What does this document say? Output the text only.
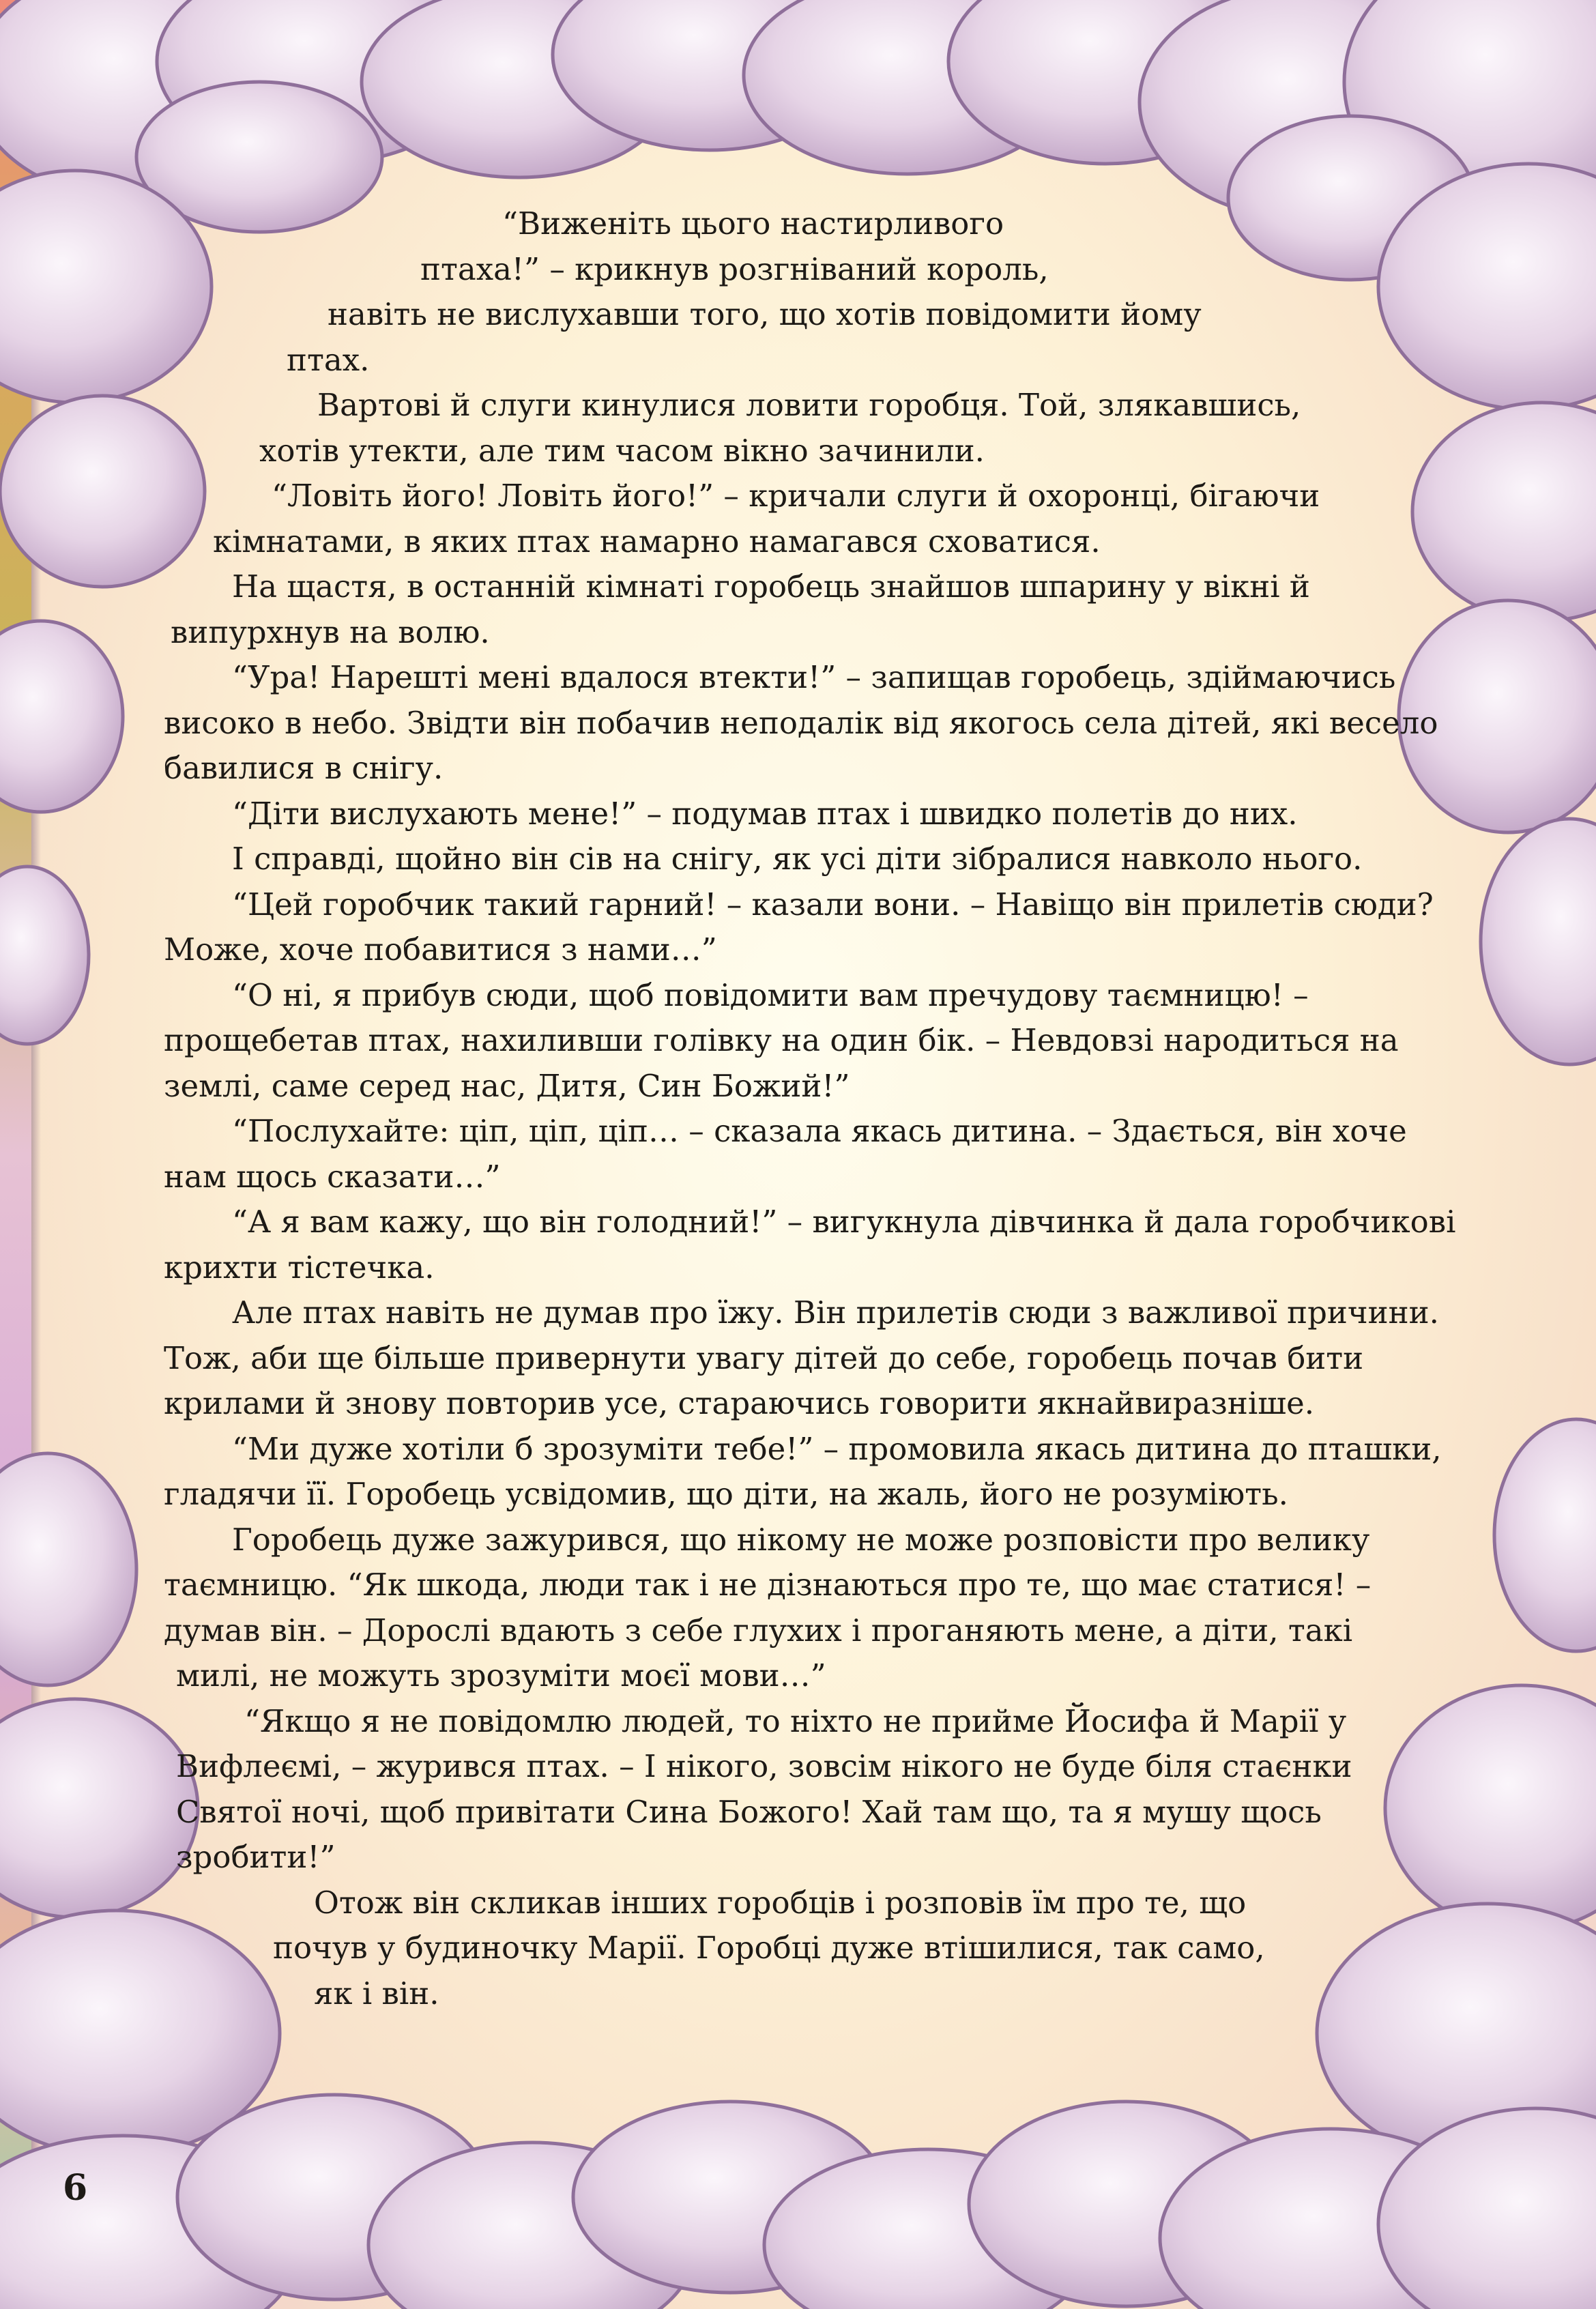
“Виженіть цього настирливого
птаха!” – крикнув розгніваний король,
навіть не вислухавши того, що хотів повідомити йому
птах.
Вартові й слуги кинулися ловити горобця. Той, злякавшись,
хотів утекти, але тим часом вікно зачинили.
“Ловіть його! Ловіть його!” – кричали слуги й охоронці, бігаючи
кімнатами, в яких птах намарно намагався сховатися.
На щастя, в останній кімнаті горобець знайшов шпарину у вікні й
випурхнув на волю.
“Ура! Нарешті мені вдалося втекти!” – запищав горобець, здіймаючись
високо в небо. Звідти він побачив неподалік від якогось села дітей, які весело
бавилися в снігу.
“Діти вислухають мене!” – подумав птах і швидко полетів до них.
І справді, щойно він сів на снігу, як усі діти зібралися навколо нього.
“Цей горобчик такий гарний! – казали вони. – Навіщо він прилетів сюди?
Може, хоче побавитися з нами…”
“О ні, я прибув сюди, щоб повідомити вам пречудову таємницю! –
прощебетав птах, нахиливши голівку на один бік. – Невдовзі народиться на
землі, саме серед нас, Дитя, Син Божий!”
“Послухайте: ціп, ціп, ціп… – сказала якась дитина. – Здається, він хоче
нам щось сказати…”
“А я вам кажу, що він голодний!” – вигукнула дівчинка й дала горобчикові
крихти тістечка.
Але птах навіть не думав про їжу. Він прилетів сюди з важливої причини.
Тож, аби ще більше привернути увагу дітей до себе, горобець почав бити
крилами й знову повторив усе, стараючись говорити якнайвиразніше.
“Ми дуже хотіли б зрозуміти тебе!” – промовила якась дитина до пташки,
гладячи її. Горобець усвідомив, що діти, на жаль, його не розуміють.
Горобець дуже зажурився, що нікому не може розповісти про велику
таємницю. “Як шкода, люди так і не дізнаються про те, що має статися! –
думав він. – Дорослі вдають з себе глухих і проганяють мене, а діти, такі
милі, не можуть зрозуміти моєї мови…”
“Якщо я не повідомлю людей, то ніхто не прийме Йосифа й Марії у
Вифлеємі, – журився птах. – І нікого, зовсім нікого не буде біля стаєнки
Святої ночі, щоб привітати Сина Божого! Хай там що, та я мушу щось
зробити!”
Отож він скликав інших горобців і розповів їм про те, що
почув у будиночку Марії. Горобці дуже втішилися, так само,
як і він.
6
